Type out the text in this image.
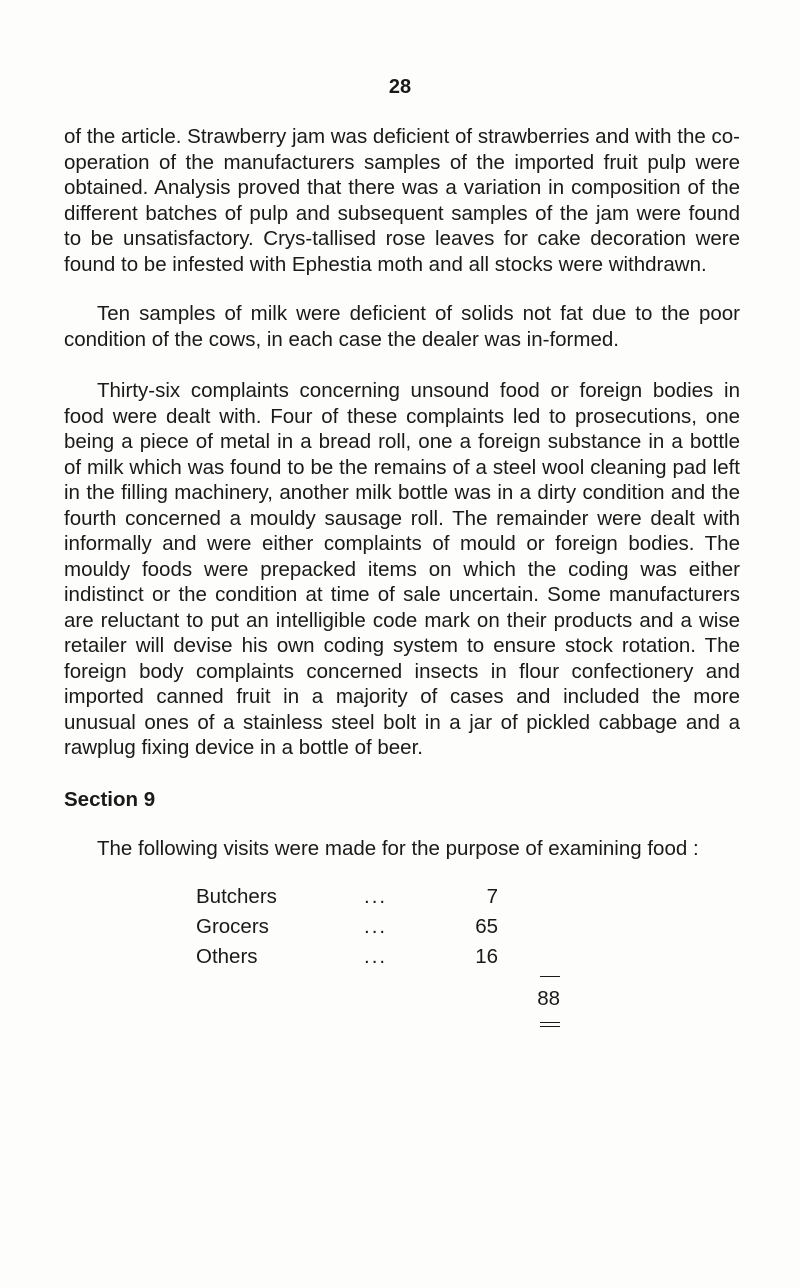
28

of the article. Strawberry jam was deficient of strawberries and with the co-operation of the manufacturers samples of the imported fruit pulp were obtained. Analysis proved that there was a variation in composition of the different batches of pulp and subsequent samples of the jam were found to be unsatisfactory. Crys-tallised rose leaves for cake decoration were found to be infested with Ephestia moth and all stocks were withdrawn.

Ten samples of milk were deficient of solids not fat due to the poor condition of the cows, in each case the dealer was in-formed.

Thirty-six complaints concerning unsound food or foreign bodies in food were dealt with. Four of these complaints led to prosecutions, one being a piece of metal in a bread roll, one a foreign substance in a bottle of milk which was found to be the remains of a steel wool cleaning pad left in the filling machinery, another milk bottle was in a dirty condition and the fourth concerned a mouldy sausage roll. The remainder were dealt with informally and were either complaints of mould or foreign bodies. The mouldy foods were prepacked items on which the coding was either indistinct or the condition at time of sale uncertain. Some manufacturers are reluctant to put an intelligible code mark on their products and a wise retailer will devise his own coding system to ensure stock rotation. The foreign body complaints concerned insects in flour confectionery and imported canned fruit in a majority of cases and included the more unusual ones of a stainless steel bolt in a jar of pickled cabbage and a rawplug fixing device in a bottle of beer.

Section 9

The following visits were made for the purpose of examining food :

Butchers	...	7
Grocers	...	65
Others	...	16
88
